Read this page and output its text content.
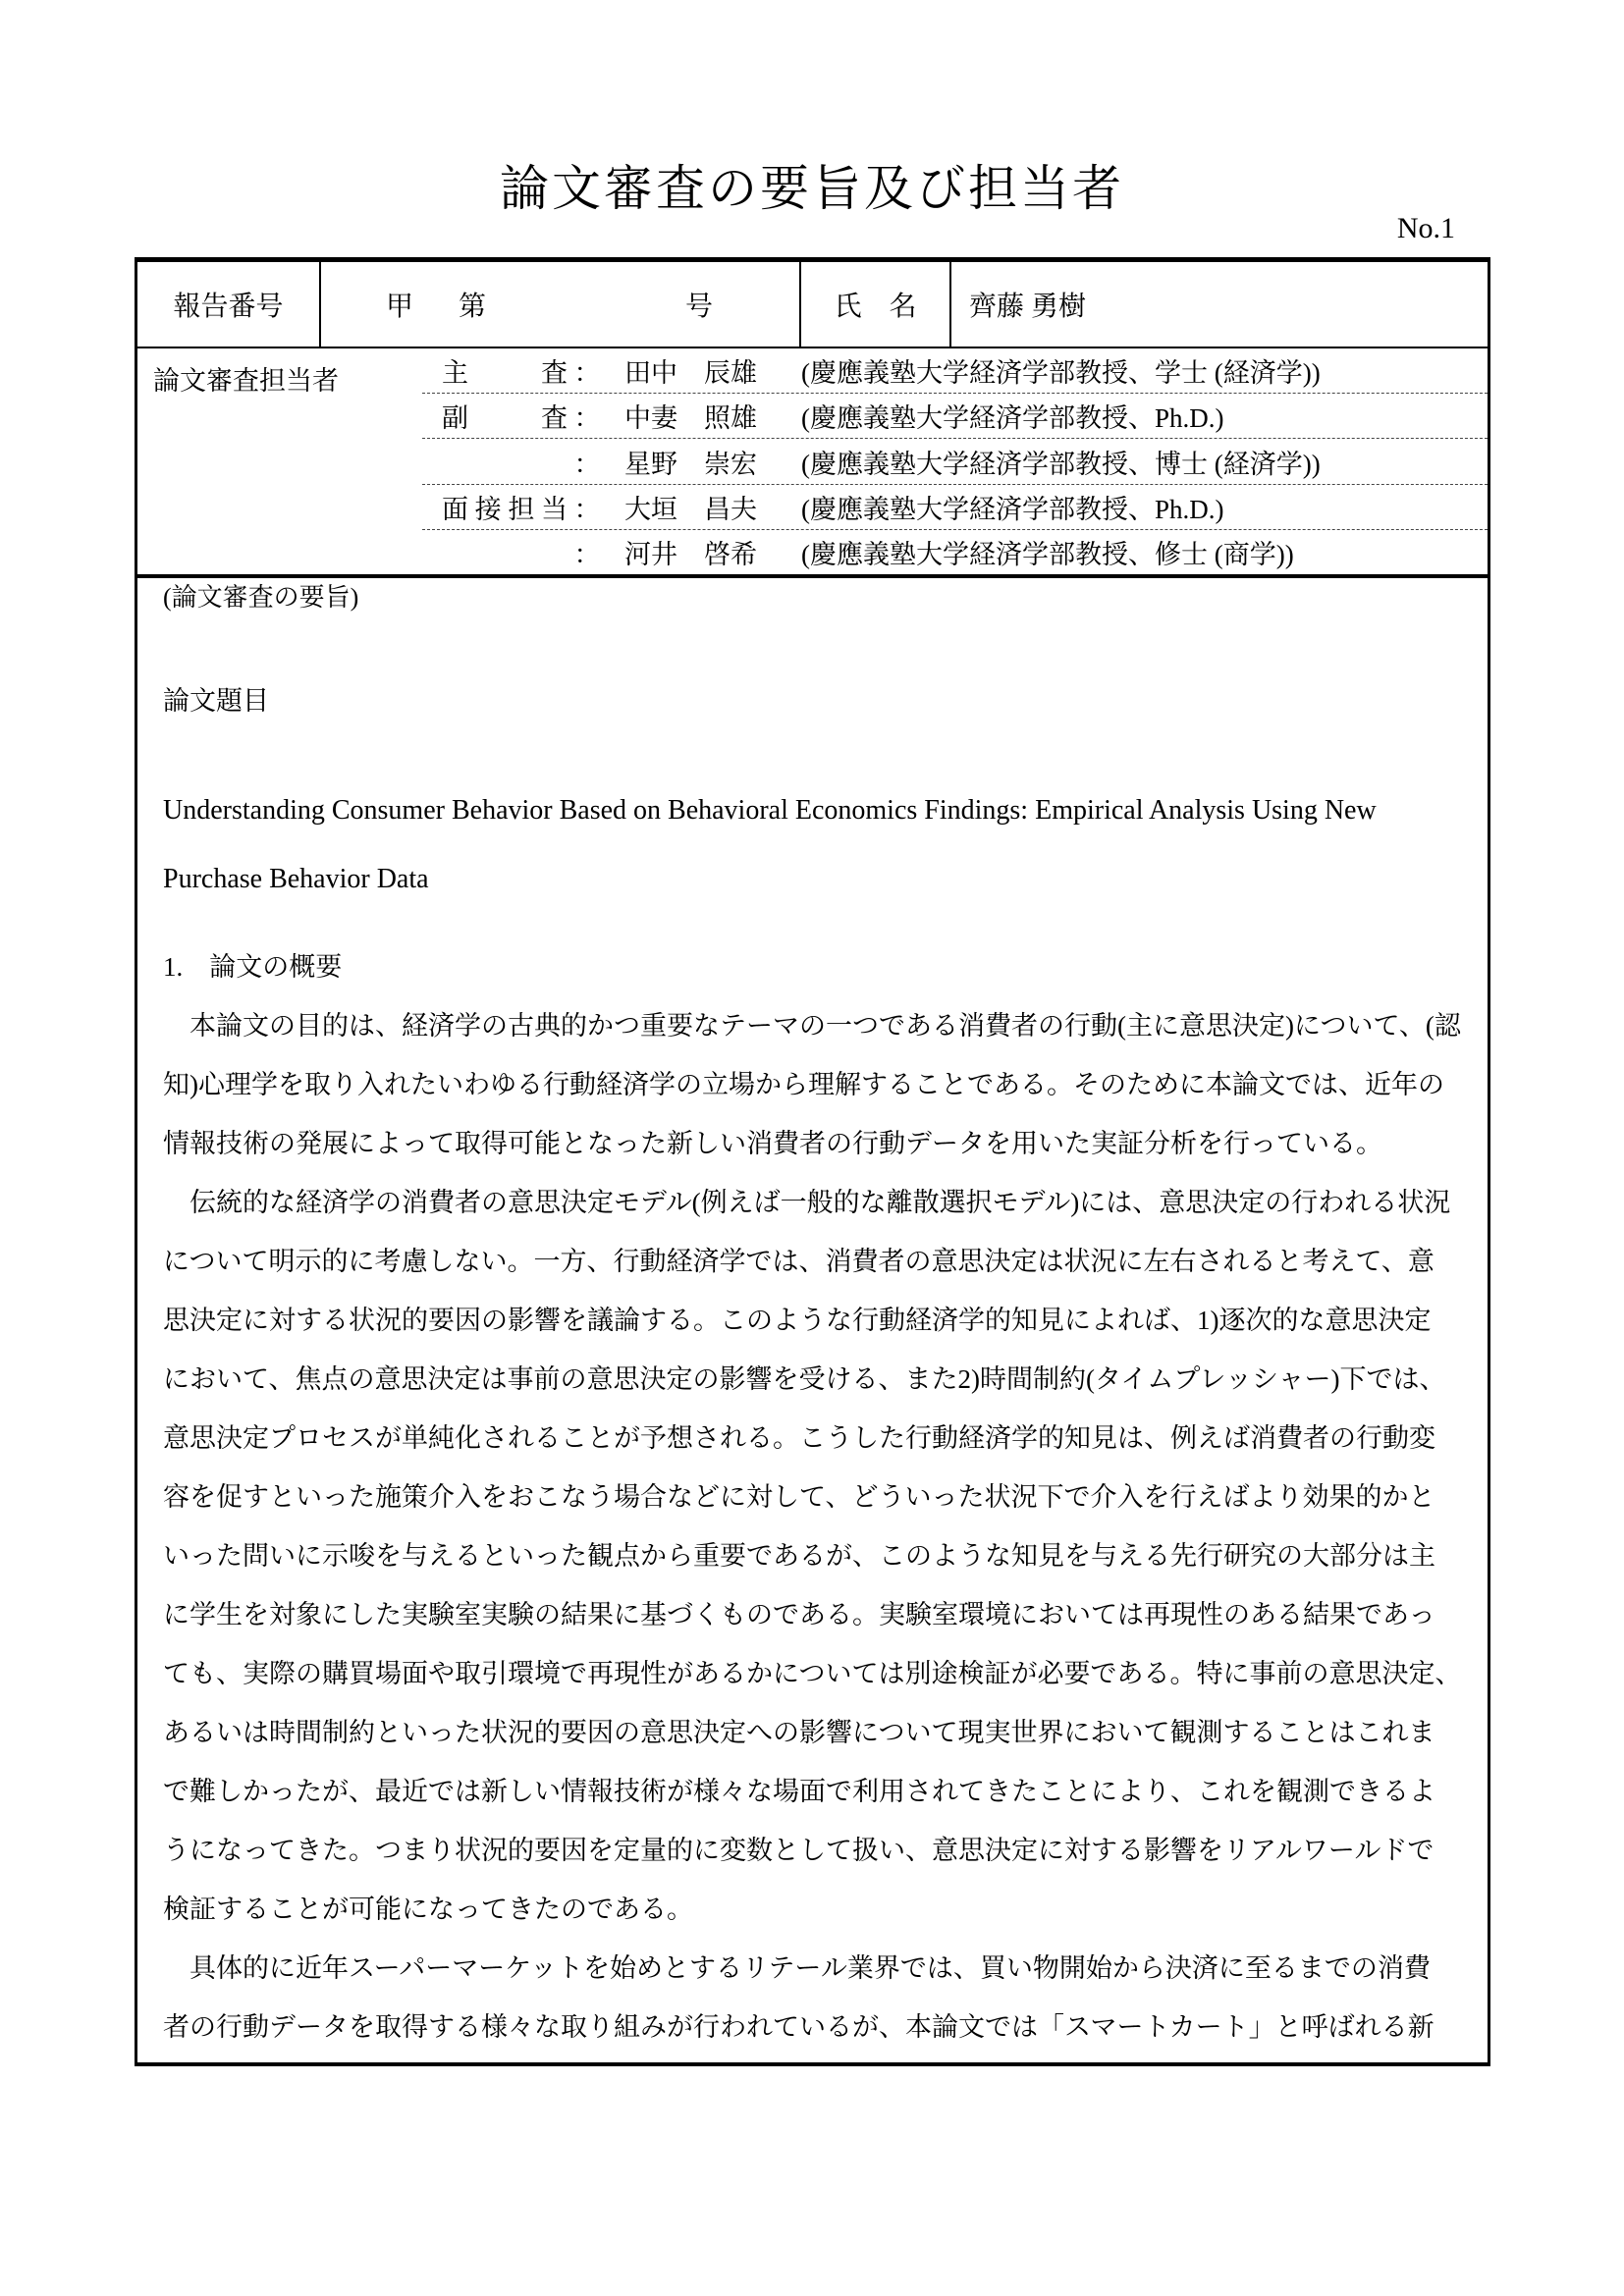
論文審査の要旨及び担当者
No.1
報告番号	甲 第	号	氏　名	齊藤 勇樹
論文審査担当者	主　査 ： 田中　辰雄	(慶應義塾大学経済学部教授、学士 (経済学))
副　査 ： 中妻　照雄	(慶應義塾大学経済学部教授、Ph.D.)
： 星野　崇宏	(慶應義塾大学経済学部教授、博士 (経済学))
面接担当 ： 大垣　昌夫	(慶應義塾大学経済学部教授、Ph.D.)
： 河井　啓希	(慶應義塾大学経済学部教授、修士 (商学))
(論文審査の要旨)
論文題目
Understanding Consumer Behavior Based on Behavioral Economics Findings: Empirical Analysis Using New
Purchase Behavior Data
1.　論文の概要
　本論文の目的は、経済学の古典的かつ重要なテーマの一つである消費者の行動(主に意思決定)について、(認
知)心理学を取り入れたいわゆる行動経済学の立場から理解することである。そのために本論文では、近年の
情報技術の発展によって取得可能となった新しい消費者の行動データを用いた実証分析を行っている。
　伝統的な経済学の消費者の意思決定モデル(例えば一般的な離散選択モデル)には、意思決定の行われる状況
について明示的に考慮しない。一方、行動経済学では、消費者の意思決定は状況に左右されると考えて、意
思決定に対する状況的要因の影響を議論する。このような行動経済学的知見によれば、1)逐次的な意思決定
において、焦点の意思決定は事前の意思決定の影響を受ける、また2)時間制約(タイムプレッシャー)下では、
意思決定プロセスが単純化されることが予想される。こうした行動経済学的知見は、例えば消費者の行動変
容を促すといった施策介入をおこなう場合などに対して、どういった状況下で介入を行えばより効果的かと
いった問いに示唆を与えるといった観点から重要であるが、このような知見を与える先行研究の大部分は主
に学生を対象にした実験室実験の結果に基づくものである。実験室環境においては再現性のある結果であっ
ても、実際の購買場面や取引環境で再現性があるかについては別途検証が必要である。特に事前の意思決定、
あるいは時間制約といった状況的要因の意思決定への影響について現実世界において観測することはこれま
で難しかったが、最近では新しい情報技術が様々な場面で利用されてきたことにより、これを観測できるよ
うになってきた。つまり状況的要因を定量的に変数として扱い、意思決定に対する影響をリアルワールドで
検証することが可能になってきたのである。
　具体的に近年スーパーマーケットを始めとするリテール業界では、買い物開始から決済に至るまでの消費
者の行動データを取得する様々な取り組みが行われているが、本論文では「スマートカート」と呼ばれる新
